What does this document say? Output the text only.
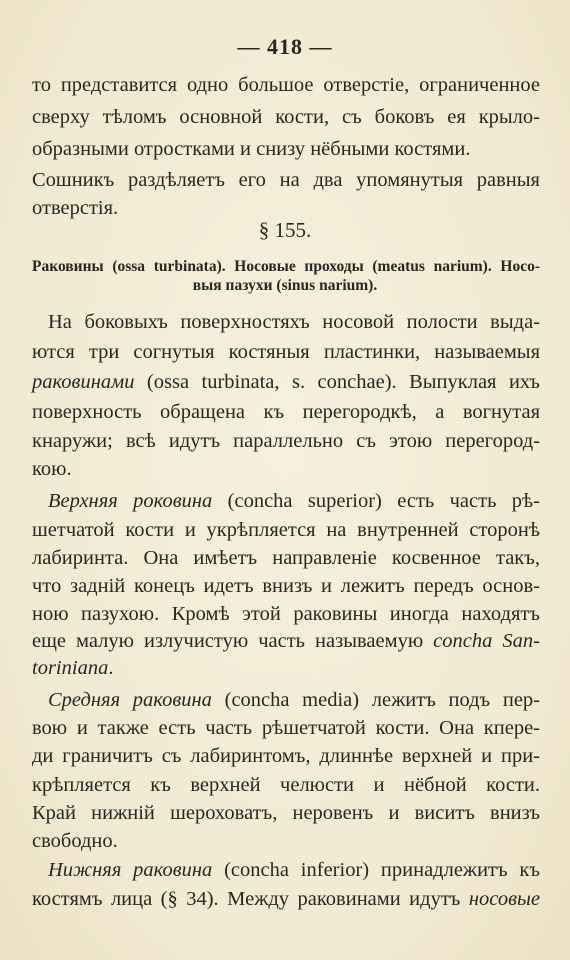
— 418 —
то представится одно большое отверстіе, ограниченное
сверху тѣломъ основной кости, съ боковъ ея крыло-
образными отростками и снизу нёбными костями.
Сошникъ раздѣляетъ его на два упомянутыя равныя
отверстія.
§ 155.
Раковины (ossa turbinata). Носовые проходы (meatus narium). Носо-
выя пазухи (sinus narium).
На боковыхъ поверхностяхъ носовой полости выда-
ются три согнутыя костяныя пластинки, называемыя
раковинами (ossa turbinata, s. conchae). Выпуклая ихъ
поверхность обращена къ перегородкѣ, а вогнутая
кнаружи; всѣ идутъ параллельно съ этою перегород-
кою.
Верхняя роковина (concha superior) есть часть рѣ-
шетчатой кости и укрѣпляется на внутренней сторонѣ
лабиринта. Она имѣетъ направленіе косвенное такъ,
что задній конецъ идетъ внизъ и лежитъ передъ основ-
ною пазухою. Кромѣ этой раковины иногда находятъ
еще малую излучистую часть называемую concha San-
toriniana.
Средняя раковина (concha media) лежитъ подъ пер-
вою и также есть часть рѣшетчатой кости. Она кпере-
ди граничитъ съ лабиринтомъ, длиннѣе верхней и при-
крѣпляется къ верхней челюсти и нёбной кости.
Край нижній шероховатъ, неровенъ и виситъ внизъ
свободно.
Нижняя раковина (concha inferior) принадлежитъ къ
костямъ лица (§ 34). Между раковинами идутъ носовые
